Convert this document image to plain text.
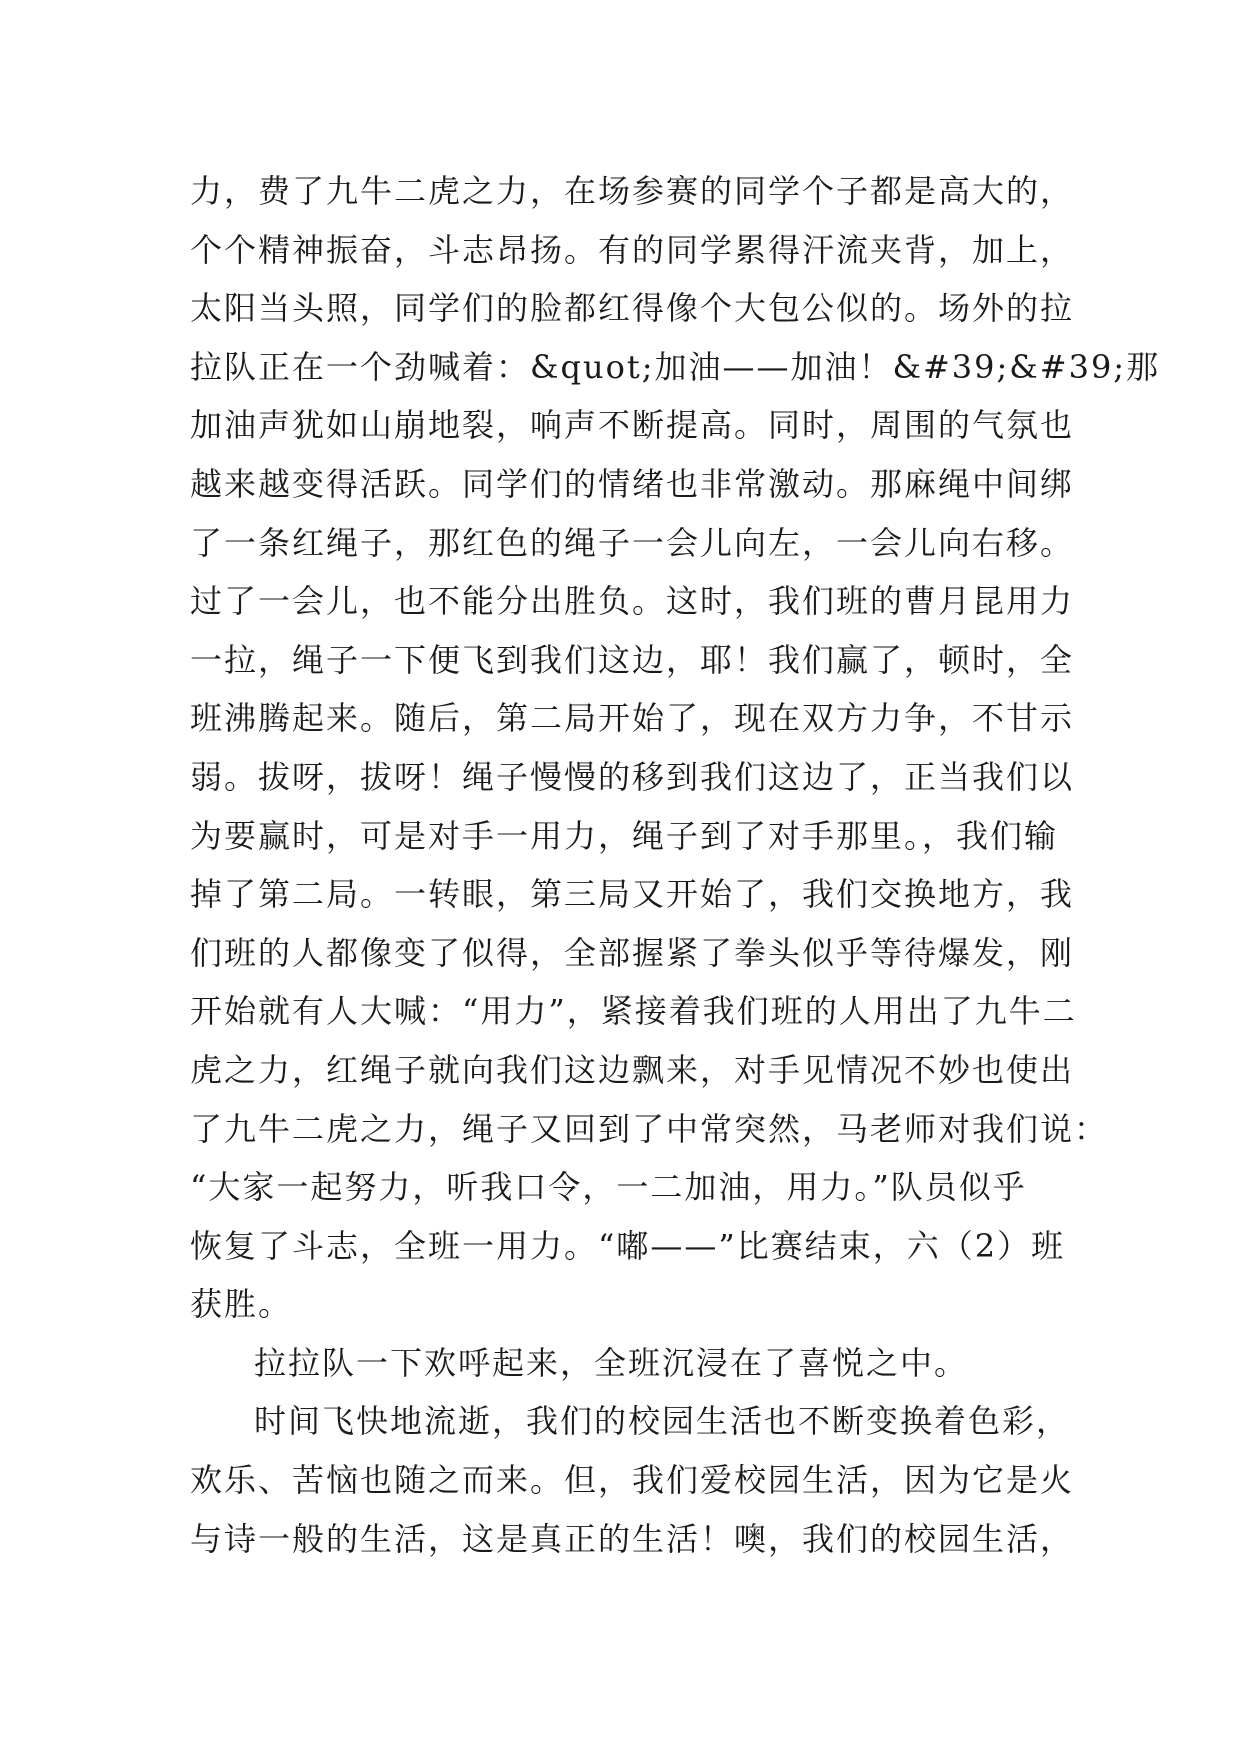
力，费了九牛二虎之力，在场参赛的同学个子都是高大的，
个个精神振奋，斗志昂扬。有的同学累得汗流夹背，加上，
太阳当头照，同学们的脸都红得像个大包公似的。场外的拉
拉队正在一个劲喊着：&quot;加油——加油！&#39;&#39;那
加油声犹如山崩地裂，响声不断提高。同时，周围的气氛也
越来越变得活跃。同学们的情绪也非常激动。那麻绳中间绑
了一条红绳子，那红色的绳子一会儿向左，一会儿向右移。
过了一会儿，也不能分出胜负。这时，我们班的曹月昆用力
一拉，绳子一下便飞到我们这边，耶！我们赢了，顿时，全
班沸腾起来。随后，第二局开始了，现在双方力争，不甘示
弱。拔呀，拔呀！绳子慢慢的移到我们这边了，正当我们以
为要赢时，可是对手一用力，绳子到了对手那里。，我们输
掉了第二局。一转眼，第三局又开始了，我们交换地方，我
们班的人都像变了似得，全部握紧了拳头似乎等待爆发，刚
开始就有人大喊：“用力”，紧接着我们班的人用出了九牛二
虎之力，红绳子就向我们这边飘来，对手见情况不妙也使出
了九牛二虎之力，绳子又回到了中常突然，马老师对我们说：
“大家一起努力，听我口令，一二加油，用力。”队员似乎
恢复了斗志，全班一用力。“嘟——”比赛结束，六（2）班
获胜。
拉拉队一下欢呼起来，全班沉浸在了喜悦之中。
时间飞快地流逝，我们的校园生活也不断变换着色彩，
欢乐、苦恼也随之而来。但，我们爱校园生活，因为它是火
与诗一般的生活，这是真正的生活！噢，我们的校园生活，
